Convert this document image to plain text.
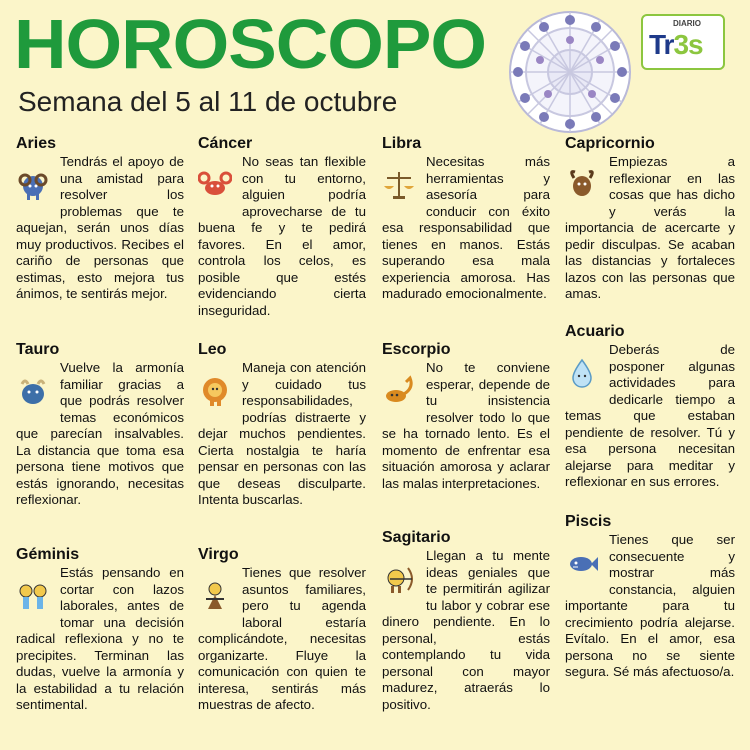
HOROSCOPO
Semana del 5 al 11 de octubre
DIARIO
Tr3s
Aries
Tendrás el apoyo de una amistad para resolver los problemas que te aquejan, serán unos días muy productivos. Recibes el cariño de personas que estimas, esto mejora tus ánimos, te sentirás mejor.
Tauro
Vuelve la armonía familiar gracias a que podrás resolver temas económicos que parecían insalvables. La distancia que toma esa persona tiene motivos que estás ignorando, necesitas reflexionar.
Géminis
Estás pensando en cortar con lazos laborales, antes de tomar una decisión radical reflexiona y no te precipites. Terminan las dudas, vuelve la armonía y la estabilidad a tu relación sentimental.
Cáncer
No seas tan flexible con tu entorno, alguien podría aprovecharse de tu buena fe y te pedirá favores. En el amor, controla los celos, es posible que estés evidenciando cierta inseguridad.
Leo
Maneja con atención y cuidado tus responsabilidades, podrías distraerte y dejar muchos pendientes. Cierta nostalgia te haría pensar en personas con las que deseas disculparte. Intenta buscarlas.
Virgo
Tienes que resolver asuntos familiares, pero tu agenda laboral estaría complicándote, necesitas organizarte. Fluye la comunicación con quien te interesa, sentirás más muestras de afecto.
Libra
Necesitas más herramientas y asesoría para conducir con éxito esa responsabilidad que tienes en manos. Estás superando esa mala experiencia amorosa. Has madurado emocionalmente.
Escorpio
No te conviene esperar, depende de tu insistencia resolver todo lo que se ha tornado lento. Es el momento de enfrentar esa situación amorosa y aclarar las malas interpretaciones.
Sagitario
Llegan a tu mente ideas geniales que te permitirán agilizar tu labor y cobrar ese dinero pendiente. En lo personal, estás contemplando tu vida personal con mayor madurez, atraerás lo positivo.
Capricornio
Empiezas a reflexionar en las cosas que has dicho y verás la importancia de acercarte y pedir disculpas. Se acaban las distancias y fortaleces lazos con las personas que amas.
Acuario
Deberás de posponer algunas actividades para dedicarle tiempo a temas que estaban pendiente de resolver. Tú y esa persona necesitan alejarse para meditar y reflexionar en sus errores.
Piscis
Tienes que ser consecuente y mostrar más constancia, alguien importante para tu crecimiento podría alejarse. Evítalo. En el amor, esa persona no se siente segura. Sé más afectuoso/a.
